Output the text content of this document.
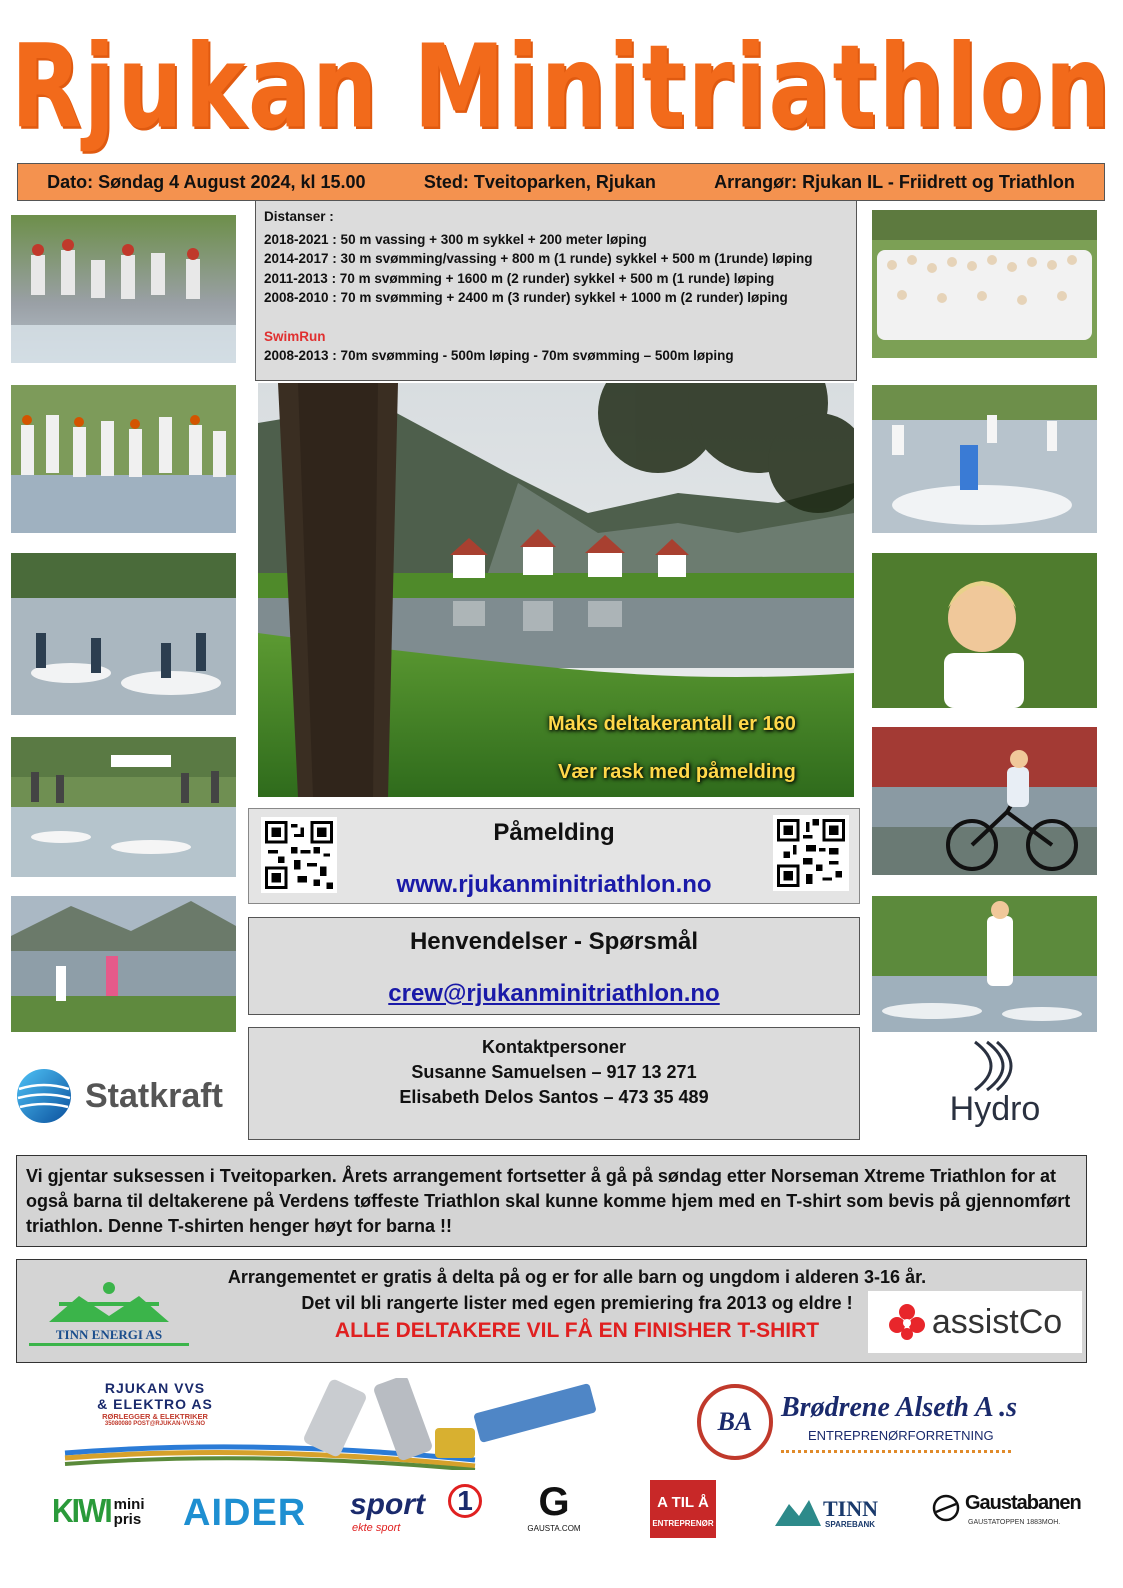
Rjukan Minitriathlon
Dato: Søndag 4 August 2024, kl 15.00	Sted: Tveitoparken, Rjukan	Arrangør: Rjukan IL - Friidrett og Triathlon
Distanser :
2018-2021 : 50 m vassing + 300 m sykkel + 200 meter løping
2014-2017 : 30 m svømming/vassing + 800 m (1 runde) sykkel + 500 m (1runde) løping
2011-2013 : 70 m svømming + 1600 m (2 runder) sykkel + 500 m (1 runde) løping
2008-2010 : 70 m svømming + 2400 m (3 runder) sykkel + 1000 m (2 runder) løping
SwimRun
2008-2013 : 70m svømming - 500m løping - 70m svømming – 500m løping
Maks deltakerantall er 160
Vær rask med påmelding
Påmelding
www.rjukanminitriathlon.no
Henvendelser - Spørsmål
crew@rjukanminitriathlon.no
Kontaktpersoner
Susanne Samuelsen – 917 13 271
Elisabeth Delos Santos – 473 35 489
Statkraft	Hydro
Vi gjentar suksessen i Tveitoparken. Årets arrangement fortsetter å gå på søndag etter Norseman Xtreme Triathlon for at også barna til deltakerene på Verdens tøffeste Triathlon skal kunne komme hjem med en T-shirt som bevis på gjennomført triathlon. Denne T-shirten henger høyt for barna !!
Arrangementet er gratis å delta på og er for alle barn og ungdom i alderen 3-16 år.
Det vil bli rangerte lister med egen premiering fra 2013 og eldre !
ALLE DELTAKERE VIL FÅ EN FINISHER T-SHIRT
TINN ENERGI AS	assistCo
RJUKAN VVS
& ELEKTRO AS
RØRLEGGER & ELEKTRIKER
35080080 POST@RJUKAN-VVS.NO	BA Brødrene Alseth A .s
ENTREPRENØRFORRETNING
KIWI mini
pris AIDER sport	1
ekte sport
G
GAUSTA.COM
A TIL Å
ENTREPRENØR
TINN
SPAREBANK
Gaustabanen
GAUSTATOPPEN 1883MOH.
